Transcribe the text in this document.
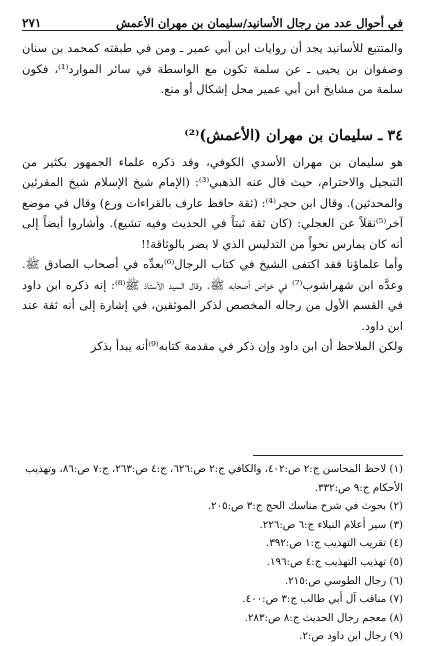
في أحوال عدد من رجال الأسانيد/سليمان بن مهران الأعمش
٢٧١

والمتتبع للأسانيد يجد أن روايات ابن أبي عمير ـ ومن في طبقته كمحمد بن سنان وصفوان بن يحيى ـ عن سلمة تكون مع الواسطة في سائر الموارد⁽¹⁾، فكون سلمة من مشايخ ابن أبي عمير محل إشكال أو منع.

٣٤ ـ سليمان بن مهران (الأعمش)⁽²⁾

هو سليمان بن مهران الأسدي الكوفي، وقد ذكره علماء الجمهور بكثير من التبجيل والاحترام، حيث قال عنه الذهبي⁽³⁾: (الإمام شيخ الإسلام شيخ المقرئين والمحدثين). وقال ابن حجر⁽⁴⁾: (ثقة حافظ عارف بالقراءات ورع) وقال في موضع آخر⁽⁵⁾نقلاً عن العجلي: (كان ثقة ثبتاً في الحديث وفيه تشيع). وأشاروا أيضاً إلى أنه كان يمارس نحواً من التدليس الذي لا يضر بالوثاقة!!

وأما علماؤنا فقد اكتفى الشيخ في كتاب الرجال⁽⁶⁾بعدِّه في أصحاب الصادق ﷺ. وعدَّه ابن شهراشوب⁽⁷⁾ في خواص أصحابه ﷺ. وقال السيد الأستاذ ﷺ⁽⁸⁾: إنه ذكره ابن داود في القسم الأول من رجاله المخصص لذكر الموثقين، في إشارة إلى أنه ثقة عند ابن داود.

ولكن الملاحظ أن ابن داود وإن ذكر في مقدمة كتابه⁽⁹⁾أنه يبدأ بذكر

(١) لاحظ المحاسن ج:٢ ص:٤٠٢، والكافي ج:٢ ص:٦٢٦، ج:٤ ص:٢٦٣، ج:٧ ص:٨٦، وتهذيب الأحكام ج:٩ ص:٣٣٢.
(٢) بحوث في شرح مناسك الحج ج:٣ ص:٢٠٥.
(٣) سير أعلام النبلاء ج:٦ ص:٢٢٦.
(٤) تقريب التهذيب ج:١ ص:٣٩٢.
(٥) تهذيب التهذيب ج:٤ ص:١٩٦.
(٦) رجال الطوسي ص:٢١٥.
(٧) مناقب آل أبي طالب ج:٣ ص:٤٠٠.
(٨) معجم رجال الحديث ج:٨ ص:٢٨٣.
(٩) رجال ابن داود ص:٢.
